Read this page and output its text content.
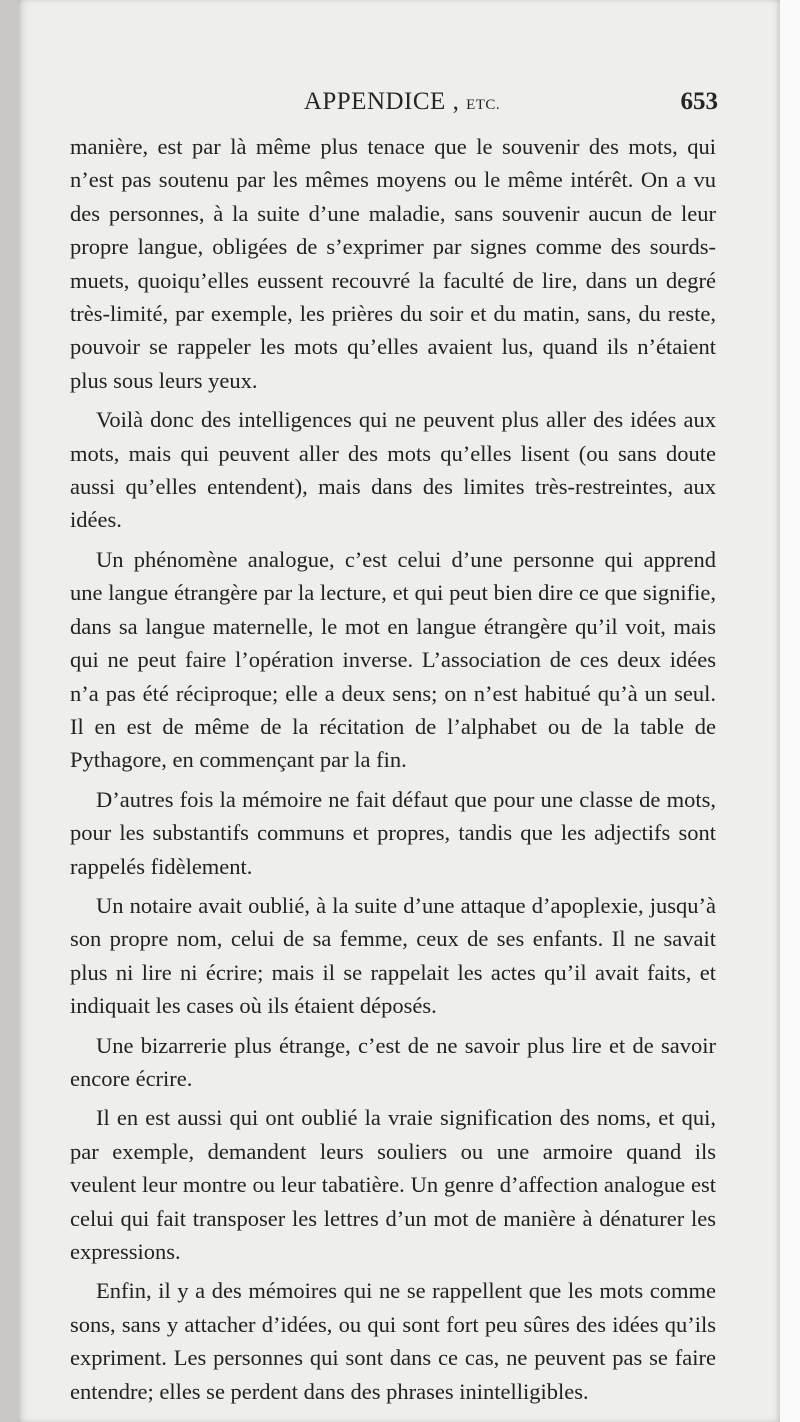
APPENDICE , ETC.	653

manière, est par là même plus tenace que le souvenir des mots, qui n’est pas soutenu par les mêmes moyens ou le même intérêt. On a vu des personnes, à la suite d’une maladie, sans souvenir aucun de leur propre langue, obligées de s’exprimer par signes comme des sourds-muets, quoiqu’elles eussent recouvré la faculté de lire, dans un degré très-limité, par exemple, les prières du soir et du matin, sans, du reste, pouvoir se rappeler les mots qu’elles avaient lus, quand ils n’étaient plus sous leurs yeux.

Voilà donc des intelligences qui ne peuvent plus aller des idées aux mots, mais qui peuvent aller des mots qu’elles lisent (ou sans doute aussi qu’elles entendent), mais dans des limites très-restreintes, aux idées.

Un phénomène analogue, c’est celui d’une personne qui apprend une langue étrangère par la lecture, et qui peut bien dire ce que signifie, dans sa langue maternelle, le mot en langue étrangère qu’il voit, mais qui ne peut faire l’opération inverse. L’association de ces deux idées n’a pas été réciproque; elle a deux sens; on n’est habitué qu’à un seul. Il en est de même de la récitation de l’alphabet ou de la table de Pythagore, en commençant par la fin.

D’autres fois la mémoire ne fait défaut que pour une classe de mots, pour les substantifs communs et propres, tandis que les adjectifs sont rappelés fidèlement.

Un notaire avait oublié, à la suite d’une attaque d’apoplexie, jusqu’à son propre nom, celui de sa femme, ceux de ses enfants. Il ne savait plus ni lire ni écrire; mais il se rappelait les actes qu’il avait faits, et indiquait les cases où ils étaient déposés.

Une bizarrerie plus étrange, c’est de ne savoir plus lire et de savoir encore écrire.

Il en est aussi qui ont oublié la vraie signification des noms, et qui, par exemple, demandent leurs souliers ou une armoire quand ils veulent leur montre ou leur tabatière. Un genre d’affection analogue est celui qui fait transposer les lettres d’un mot de manière à dénaturer les expressions.

Enfin, il y a des mémoires qui ne se rappellent que les mots comme sons, sans y attacher d’idées, ou qui sont fort peu sûres des idées qu’ils expriment. Les personnes qui sont dans ce cas, ne peuvent pas se faire entendre; elles se perdent dans des phrases inintelligibles.
